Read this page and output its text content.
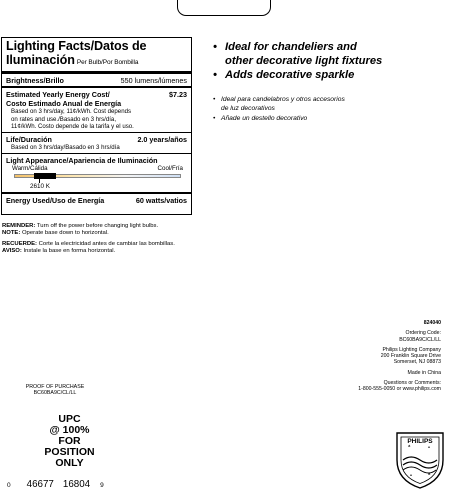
Lighting Facts/Datos de
Iluminación Per Bulb/Por Bombilla
Brightness/Brillo	550 lumens/lúmenes
Estimated Yearly Energy Cost/	$7.23
Costo Estimado Anual de Energía
Based on 3 hrs/day, 11¢/kWh. Cost depends
on rates and use./Basado en 3 hrs/día,
11¢/kWh. Costo depende de la tarifa y el uso.
Life/Duración	2.0 years/años
Based on 3 hrs/day/Basado en 3 hrs/día
Light Appearance/Apariencia de Iluminación
Warm/Cálida	Cool/Fría
2610 K
Energy Used/Uso de Energía	60 watts/vatios
• Ideal for chandeliers and
other decorative light fixtures
• Adds decorative sparkle
• Ideal para candelabros y otros accesorios
de luz decorativos
• Añade un destello decorativo
REMINDER: Turn off the power before changing light bulbs.
NOTE: Operate base down to horizontal.
RECUERDE: Corte la electricidad antes de cambiar las bombillas.
AVISO: Instale la base en forma horizontal.
824040
Ordering Code:
BC60BA9C/CL/LL
Philips Lighting Company
200 Franklin Square Drive
Somerset, NJ 08873
Made in China
Questions or Comments:
1-800-555-0050 or www.philips.com
PROOF OF PURCHASE
BC60BA9C/CL/LL
UPC
@ 100%
FOR POSITION
ONLY
0 46677 16804 9
PHILIPS
